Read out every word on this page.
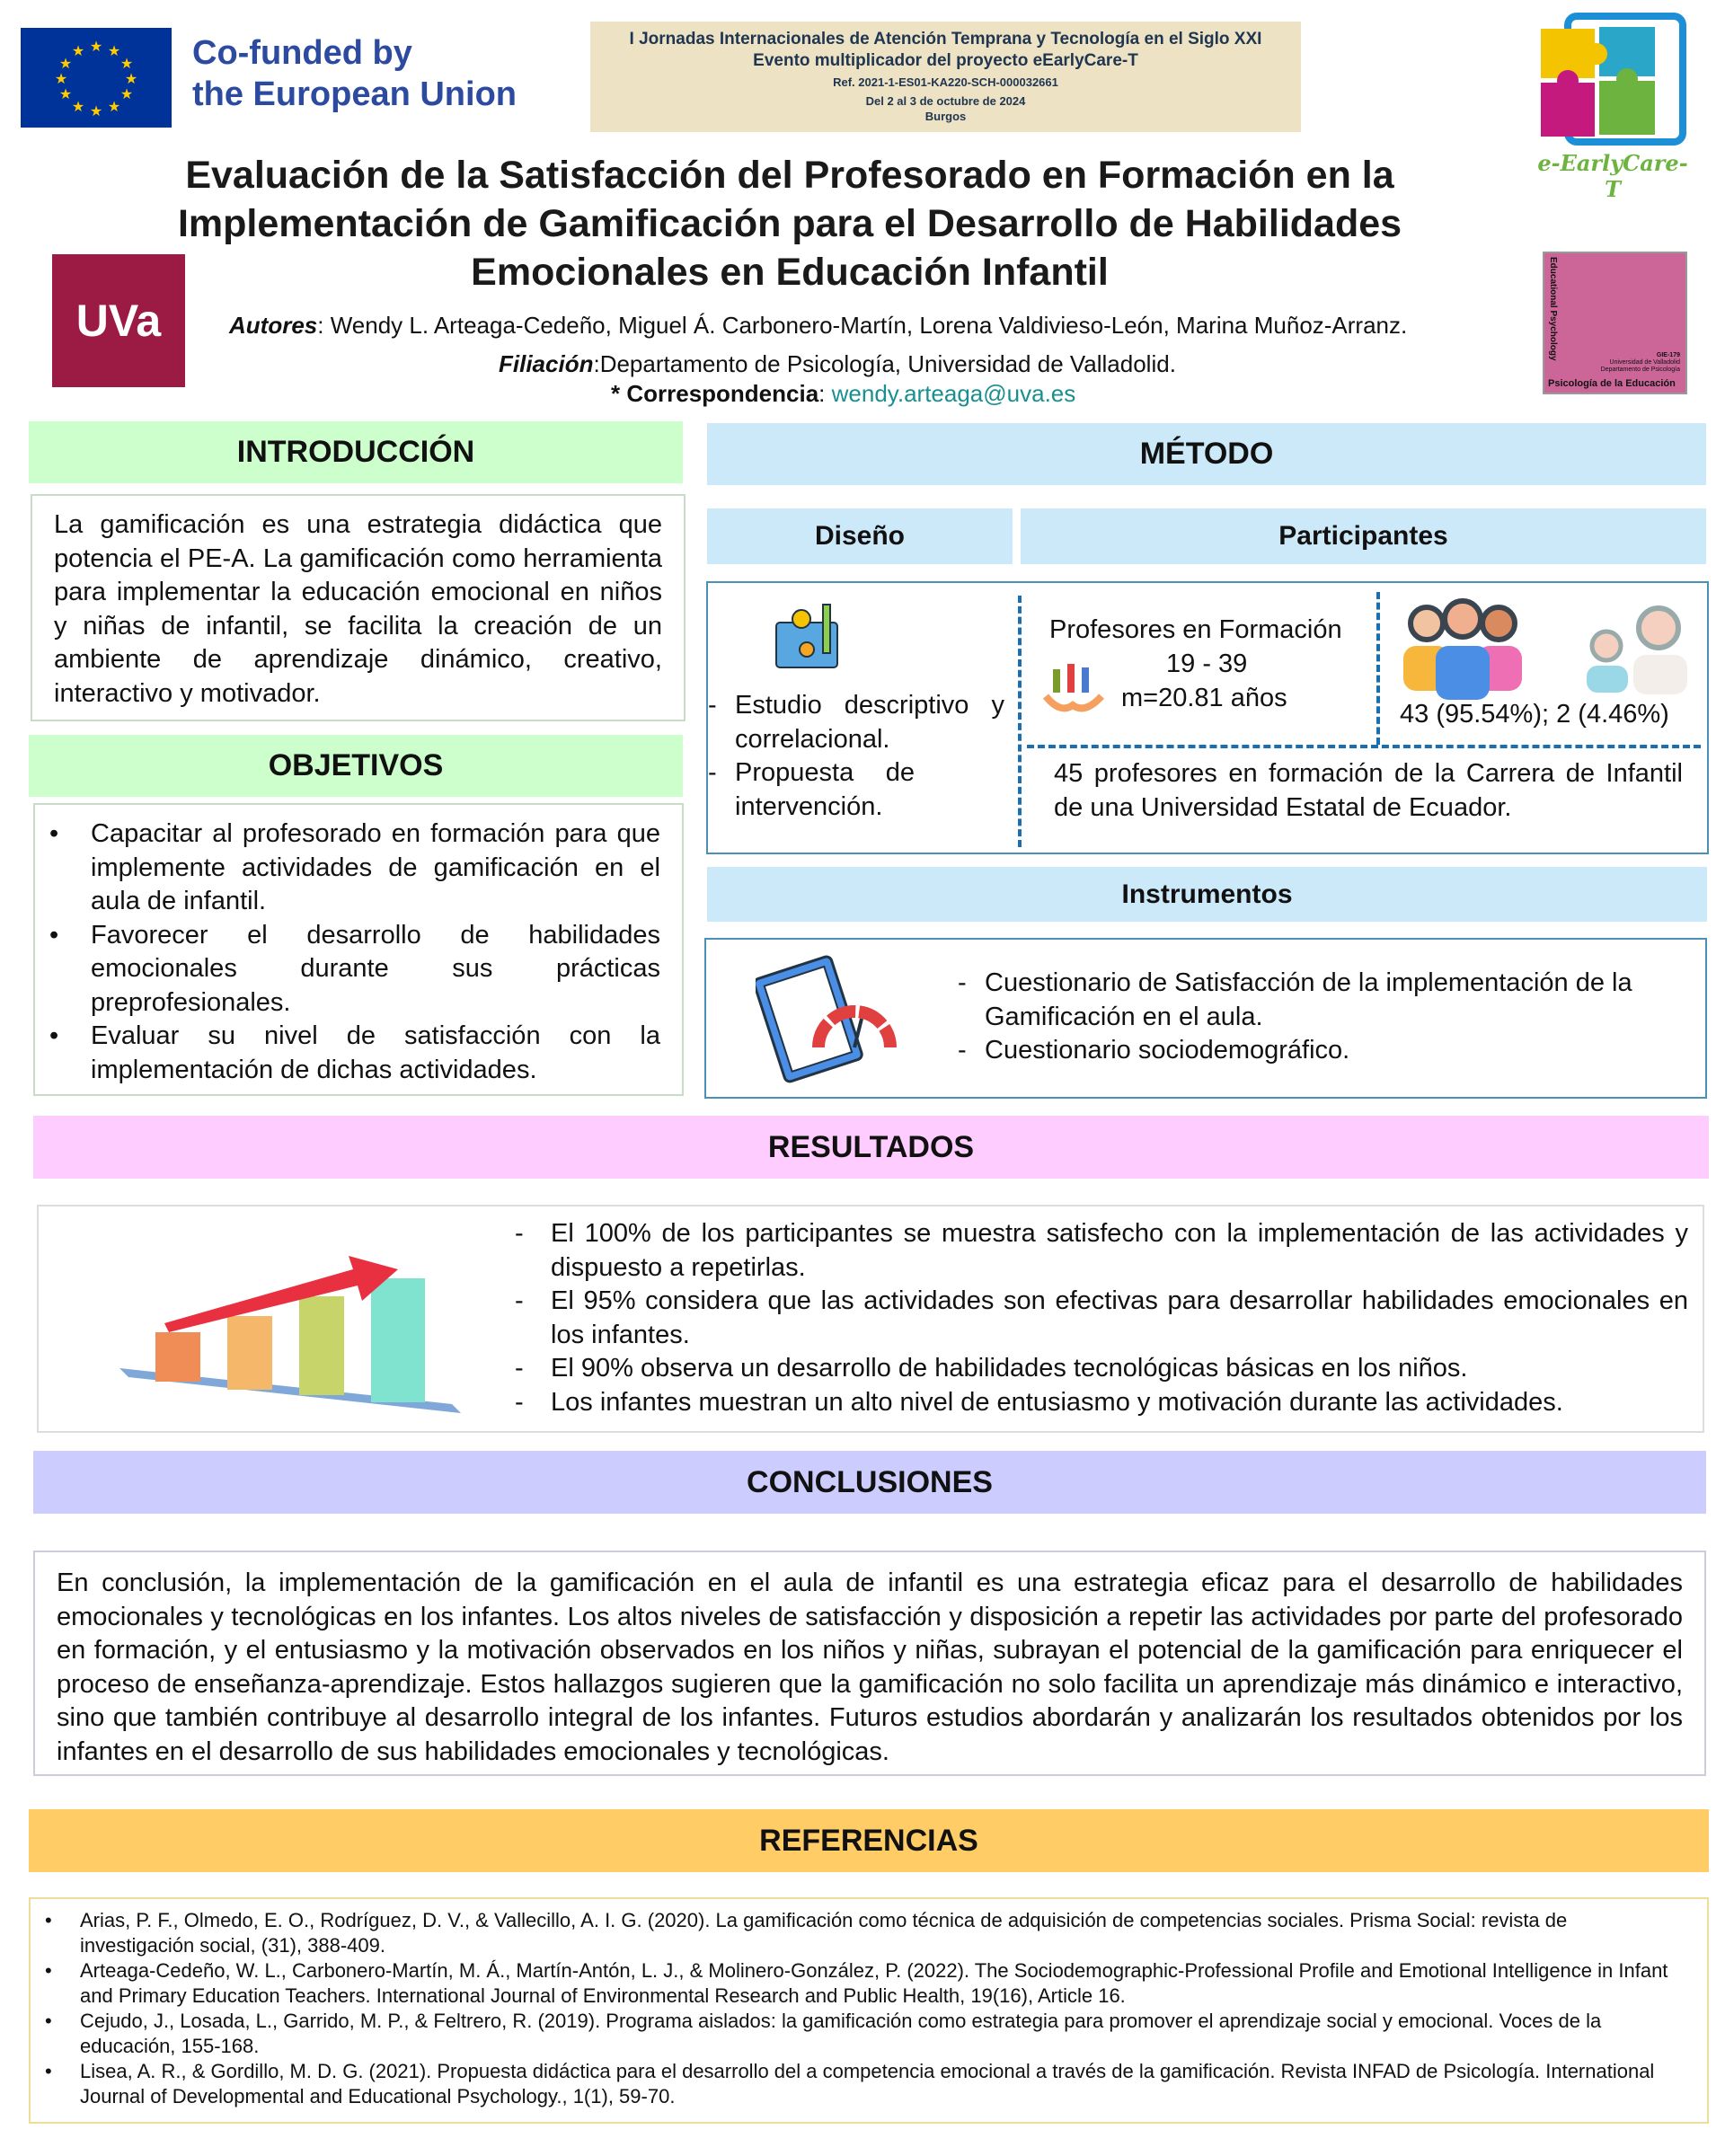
★ ★
★
★
★
★
★
★
★
★
★
★	Co-funded by
the European Union
I Jornadas Internacionales de Atención Temprana y Tecnología en el Siglo XXI
Evento multiplicador del proyecto eEarlyCare-T
Ref. 2021-1-ES01-KA220-SCH-000032661
Del 2 al 3 de octubre de 2024
Burgos
e-EarlyCare-T
Evaluación de la Satisfacción del Profesorado en Formación en la
Implementación de Gamificación para el Desarrollo de Habilidades
Emocionales en Educación Infantil
UVa	Educational Psychology	GIE-179
Universidad de Valladolid
Departamento de Psicología
Psicología de la Educación
Autores: Wendy L. Arteaga-Cedeño, Miguel Á. Carbonero-Martín, Lorena Valdivieso-León, Marina Muñoz-Arranz.
Filiación:Departamento de Psicología, Universidad de Valladolid.
* Correspondencia: wendy.arteaga@uva.es
INTRODUCCIÓN

La gamificación es una estrategia didáctica que potencia el PE-A. La gamificación como herramienta para implementar la educación emocional en niños y niñas de infantil, se facilita la creación de un ambiente de aprendizaje dinámico, creativo, interactivo y motivador.

OBJETIVOS
• Capacitar al profesorado en formación para que implemente actividades de gamificación en el aula de infantil.
• Favorecer el desarrollo de habilidades emocionales durante sus prácticas preprofesionales.
• Evaluar su nivel de satisfacción con la implementación de dichas actividades.
MÉTODO
Diseño	Participantes
- Estudio descriptivo y correlacional.
- Propuesta de intervención.
Profesores en Formación
19 - 39
m=20.81 años
43 (95.54%); 2 (4.46%)
45 profesores en formación de la Carrera de Infantil de una Universidad Estatal de Ecuador.
Instrumentos
- Cuestionario de Satisfacción de la implementación de la Gamificación en el aula.
- Cuestionario sociodemográfico.
RESULTADOS
- El 100% de los participantes se muestra satisfecho con la implementación de las actividades y dispuesto a repetirlas.
- El 95% considera que las actividades son efectivas para desarrollar habilidades emocionales en los infantes.
- El 90% observa un desarrollo de habilidades tecnológicas básicas en los niños.
- Los infantes muestran un alto nivel de entusiasmo y motivación durante las actividades.
CONCLUSIONES

En conclusión, la implementación de la gamificación en el aula de infantil es una estrategia eficaz para el desarrollo de habilidades emocionales y tecnológicas en los infantes. Los altos niveles de satisfacción y disposición a repetir las actividades por parte del profesorado en formación, y el entusiasmo y la motivación observados en los niños y niñas, subrayan el potencial de la gamificación para enriquecer el proceso de enseñanza-aprendizaje. Estos hallazgos sugieren que la gamificación no solo facilita un aprendizaje más dinámico e interactivo, sino que también contribuye al desarrollo integral de los infantes. Futuros estudios abordarán y analizarán los resultados obtenidos por los infantes en el desarrollo de sus habilidades emocionales y tecnológicas.

REFERENCIAS
• Arias, P. F., Olmedo, E. O., Rodríguez, D. V., & Vallecillo, A. I. G. (2020). La gamificación como técnica de adquisición de competencias sociales. Prisma Social: revista de investigación social, (31), 388-409.
• Arteaga-Cedeño, W. L., Carbonero-Martín, M. Á., Martín-Antón, L. J., & Molinero-González, P. (2022). The Sociodemographic-Professional Profile and Emotional Intelligence in Infant and Primary Education Teachers. International Journal of Environmental Research and Public Health, 19(16), Article 16.
• Cejudo, J., Losada, L., Garrido, M. P., & Feltrero, R. (2019). Programa aislados: la gamificación como estrategia para promover el aprendizaje social y emocional. Voces de la educación, 155-168.
• Lisea, A. R., & Gordillo, M. D. G. (2021). Propuesta didáctica para el desarrollo del a competencia emocional a través de la gamificación. Revista INFAD de Psicología. International Journal of Developmental and Educational Psychology., 1(1), 59-70.
